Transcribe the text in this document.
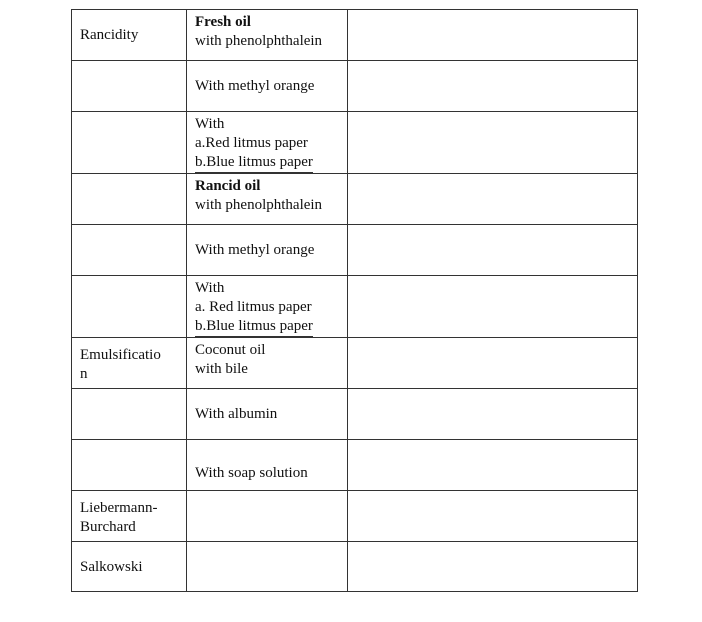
Rancidity	Fresh oil
with phenolphthalein	

	With methyl orange	

	With
a.Red litmus paper
b.Blue litmus paper	

	Rancid oil
with phenolphthalein	

	With methyl orange	

	With
a. Red litmus paper
b.Blue litmus paper	

Emulsificatio
n	Coconut oil
with bile	

	With albumin	

	With soap solution	

Liebermann-
Burchard		

Salkowski		
